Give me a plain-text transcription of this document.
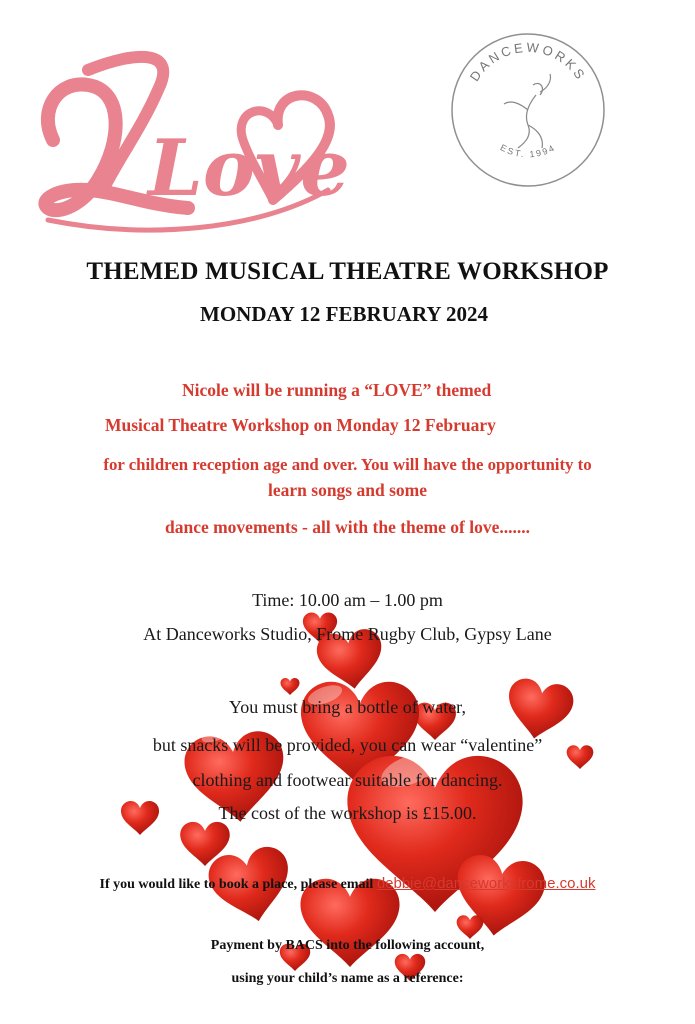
Love
DANCEWORKS
EST. 1994
THEMED MUSICAL THEATRE WORKSHOP
MONDAY 12 FEBRUARY 2024
Nicole will be running a “LOVE” themed
Musical Theatre Workshop on Monday 12 February
for children reception age and over. You will have the opportunity to
learn songs and some
dance movements - all with the theme of love.......
Time: 10.00 am – 1.00 pm
At Danceworks Studio, Frome Rugby Club, Gypsy Lane
You must bring a bottle of water,
but snacks will be provided, you can wear “valentine”
clothing and footwear suitable for dancing.
The cost of the workshop is £15.00.
If you would like to book a place, please email debbie@danceworksfrome.co.uk
Payment by BACS into the following account,
using your child’s name as a reference:
